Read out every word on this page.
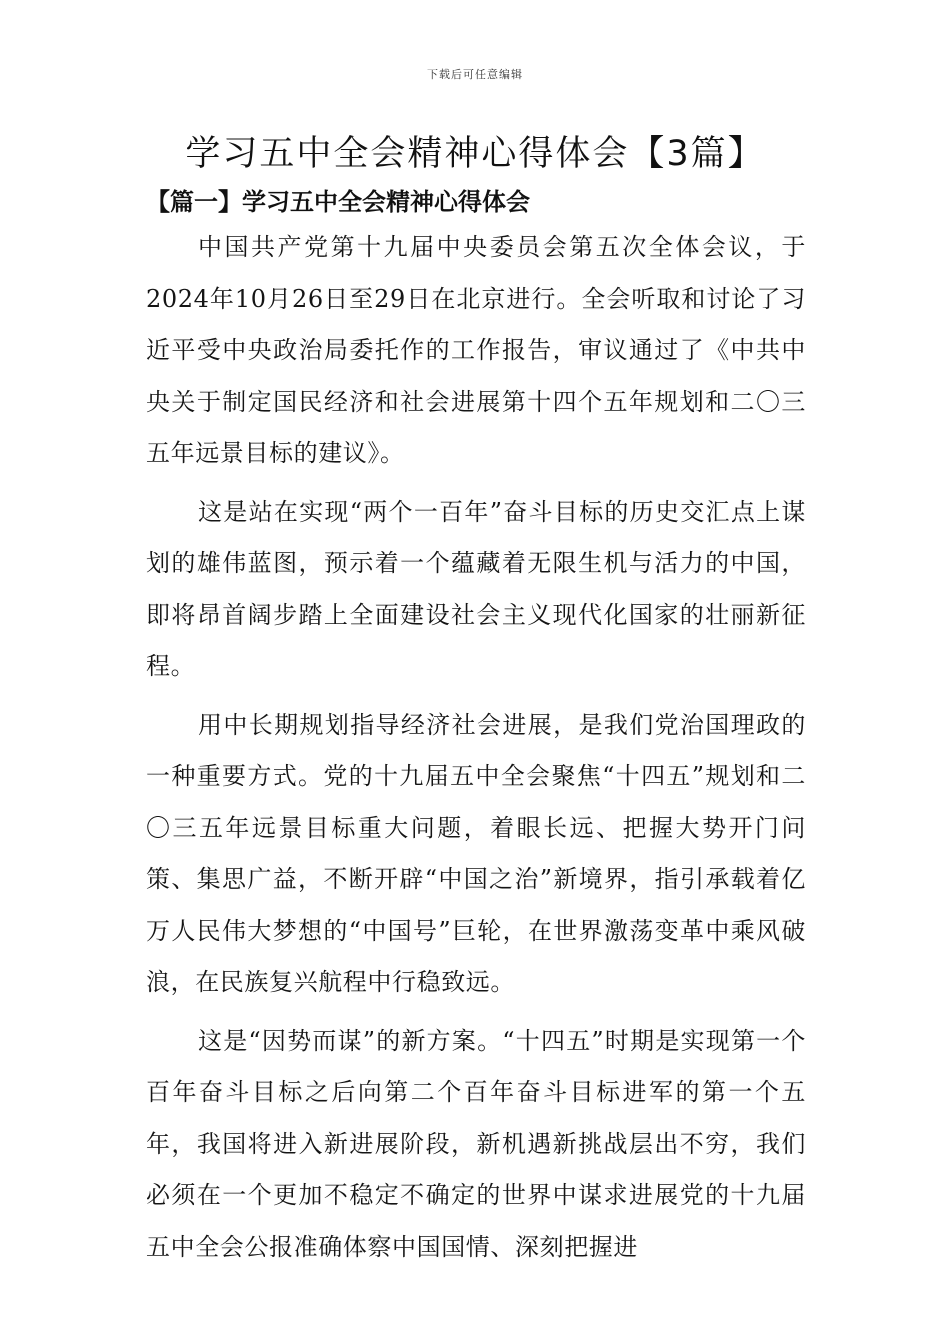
下载后可任意编辑
学习五中全会精神心得体会【3篇】
【篇一】学习五中全会精神心得体会

中国共产党第十九届中央委员会第五次全体会议，于2024年10月26日至29日在北京进行。全会听取和讨论了习近平受中央政治局委托作的工作报告，审议通过了《中共中央关于制定国民经济和社会进展第十四个五年规划和二〇三五年远景目标的建议》。

这是站在实现“两个一百年”奋斗目标的历史交汇点上谋划的雄伟蓝图，预示着一个蕴藏着无限生机与活力的中国，即将昂首阔步踏上全面建设社会主义现代化国家的壮丽新征程。

用中长期规划指导经济社会进展，是我们党治国理政的一种重要方式。党的十九届五中全会聚焦“十四五”规划和二〇三五年远景目标重大问题，着眼长远、把握大势开门问策、集思广益，不断开辟“中国之治”新境界，指引承载着亿万人民伟大梦想的“中国号”巨轮，在世界激荡变革中乘风破浪，在民族复兴航程中行稳致远。

这是“因势而谋”的新方案。“十四五”时期是实现第一个百年奋斗目标之后向第二个百年奋斗目标进军的第一个五年，我国将进入新进展阶段，新机遇新挑战层出不穷，我们必须在一个更加不稳定不确定的世界中谋求进展党的十九届五中全会公报准确体察中国国情、深刻把握进
